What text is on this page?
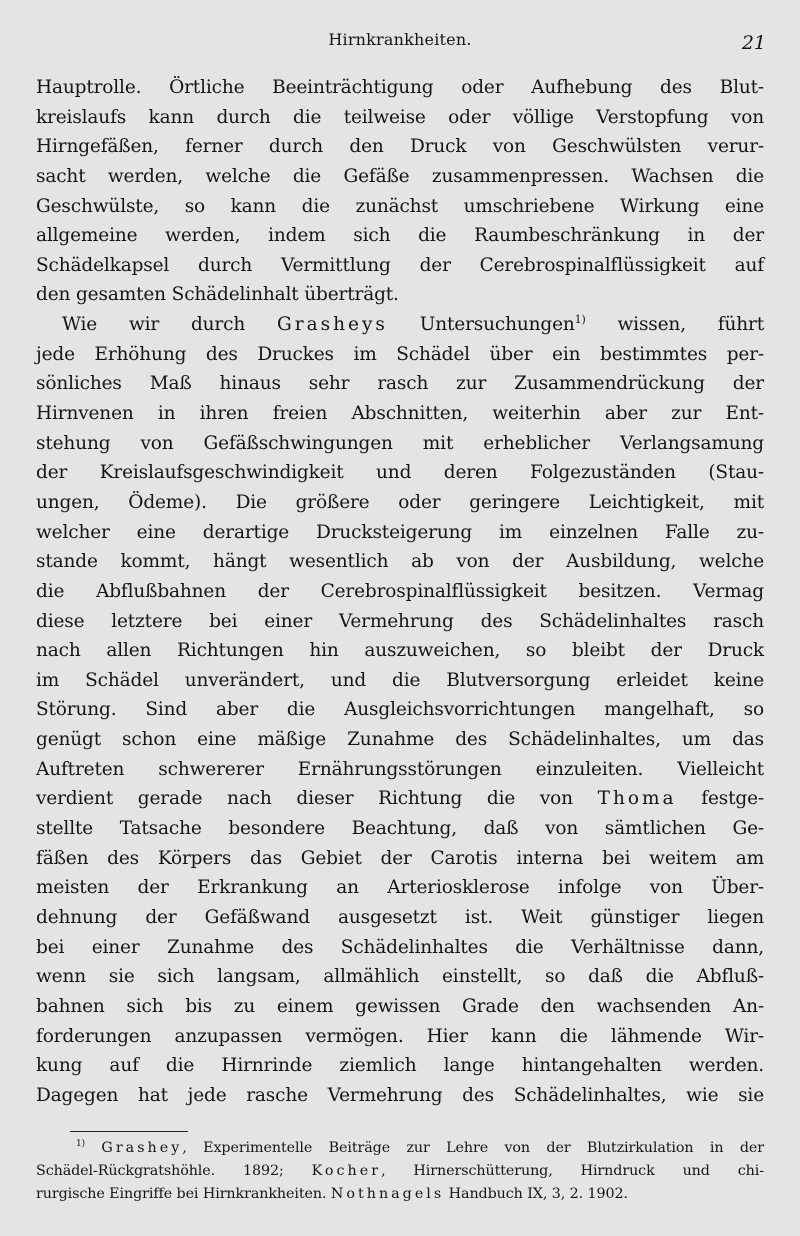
Hirnkrankheiten.	21
Hauptrolle. Örtliche Beeinträchtigung oder Aufhebung des Blut-
kreislaufs kann durch die teilweise oder völlige Verstopfung von
Hirngefäßen, ferner durch den Druck von Geschwülsten verur-
sacht werden, welche die Gefäße zusammenpressen. Wachsen die
Geschwülste, so kann die zunächst umschriebene Wirkung eine
allgemeine werden, indem sich die Raumbeschränkung in der
Schädelkapsel durch Vermittlung der Cerebrospinalflüssigkeit auf
den gesamten Schädelinhalt überträgt.
Wie wir durch Grasheys Untersuchungen$^{1)}$ wissen, führt
jede Erhöhung des Druckes im Schädel über ein bestimmtes per-
sönliches Maß hinaus sehr rasch zur Zusammendrückung der
Hirnvenen in ihren freien Abschnitten, weiterhin aber zur Ent-
stehung von Gefäßschwingungen mit erheblicher Verlangsamung
der Kreislaufsgeschwindigkeit und deren Folgezuständen (Stau-
ungen, Ödeme). Die größere oder geringere Leichtigkeit, mit
welcher eine derartige Drucksteigerung im einzelnen Falle zu-
stande kommt, hängt wesentlich ab von der Ausbildung, welche
die Abflußbahnen der Cerebrospinalflüssigkeit besitzen. Vermag
diese letztere bei einer Vermehrung des Schädelinhaltes rasch
nach allen Richtungen hin auszuweichen, so bleibt der Druck
im Schädel unverändert, und die Blutversorgung erleidet keine
Störung. Sind aber die Ausgleichsvorrichtungen mangelhaft, so
genügt schon eine mäßige Zunahme des Schädelinhaltes, um das
Auftreten schwererer Ernährungsstörungen einzuleiten. Vielleicht
verdient gerade nach dieser Richtung die von Thoma festge-
stellte Tatsache besondere Beachtung, daß von sämtlichen Ge-
fäßen des Körpers das Gebiet der Carotis interna bei weitem am
meisten der Erkrankung an Arteriosklerose infolge von Über-
dehnung der Gefäßwand ausgesetzt ist. Weit günstiger liegen
bei einer Zunahme des Schädelinhaltes die Verhältnisse dann,
wenn sie sich langsam, allmählich einstellt, so daß die Abfluß-
bahnen sich bis zu einem gewissen Grade den wachsenden An-
forderungen anzupassen vermögen. Hier kann die lähmende Wir-
kung auf die Hirnrinde ziemlich lange hintangehalten werden.
Dagegen hat jede rasche Vermehrung des Schädelinhaltes, wie sie
$^{1)}$ Grashey, Experimentelle Beiträge zur Lehre von der Blutzirkulation in der
Schädel-Rückgratshöhle. 1892; Kocher, Hirnerschütterung, Hirndruck und chi-
rurgische Eingriffe bei Hirnkrankheiten. Nothnagels Handbuch IX, 3, 2. 1902.
